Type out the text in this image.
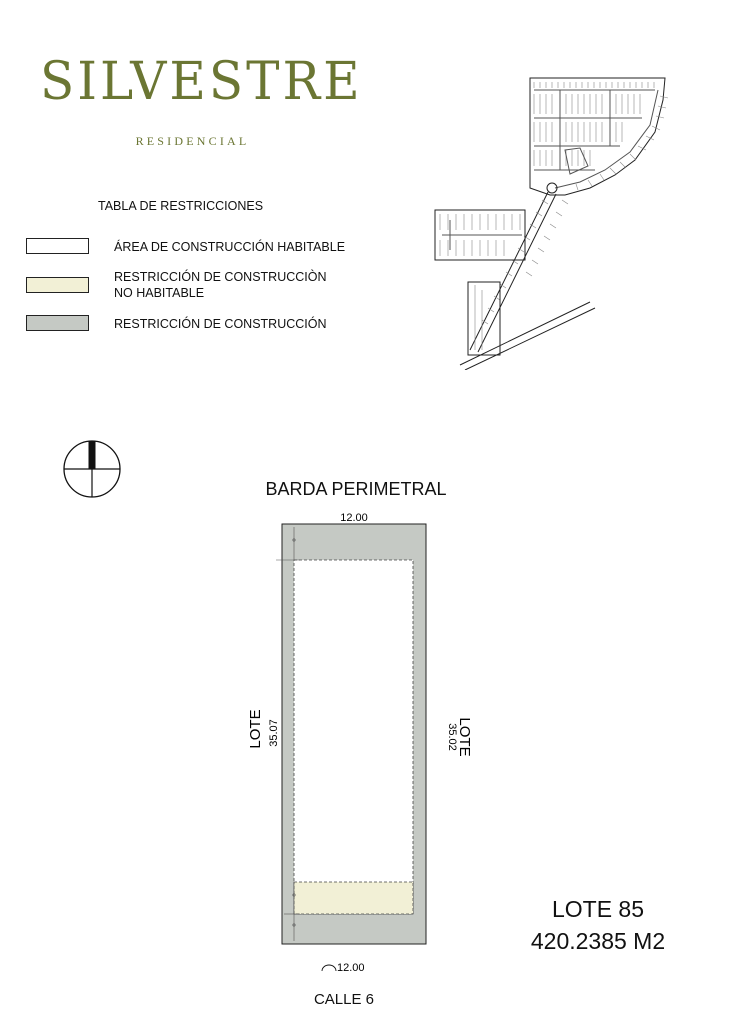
SILVESTRE
RESIDENCIAL
TABLA DE RESTRICCIONES
ÁREA DE CONSTRUCCIÓN HABITABLE
RESTRICCIÓN DE CONSTRUCCIÒN
NO HABITABLE
RESTRICCIÓN DE CONSTRUCCIÓN
BARDA PERIMETRAL
12.00
LOTE 35.07	35.02
LOTE
12.00
CALLE 6
LOTE 85
420.2385 M2
